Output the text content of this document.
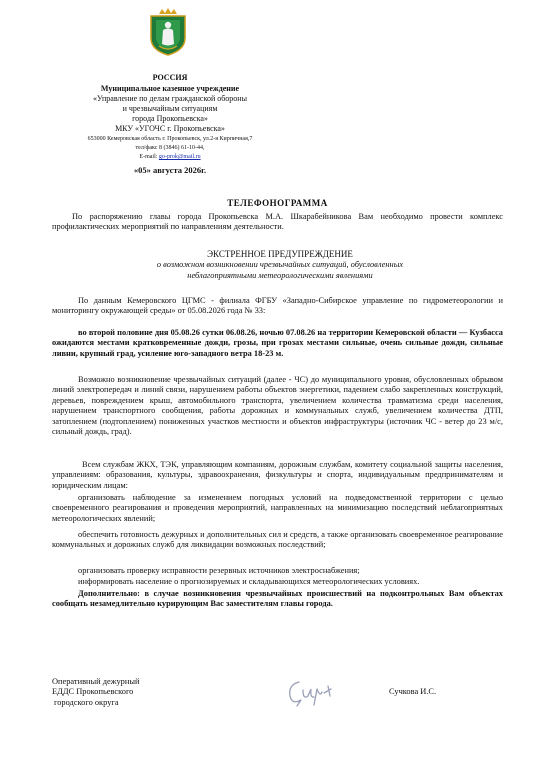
РОССИЯ
Муниципальное казенное учреждение
«Управление по делам гражданской обороны
и чрезвычайным ситуациям
города Прокопьевска»
МКУ «УГОЧС г. Прокопьевска»
653000 Кемеровская область г. Прокопьевск, ул.2-я Кирпичная,7
тел/факс 8 (3846) 61-10-44,
E-mail: go-prok@mail.ru
«05» августа 2026г.
ТЕЛЕФОНОГРАММА
По распоряжению главы города Прокопьевска М.А. Шкарабейникова Вам необходимо провести комплекс профилактических мероприятий по направлениям деятельности.
ЭКСТРЕННОЕ ПРЕДУПРЕЖДЕНИЕ
о возможном возникновении чрезвычайных ситуаций, обусловленных
неблагоприятными метеорологическими явлениями
По данным Кемеровского ЦГМС - филиала ФГБУ «Западно-Сибирское управление по гидрометеорологии и мониторингу окружающей среды» от 05.08.2026 года № 33:
во второй половине дня 05.08.26 сутки 06.08.26, ночью 07.08.26 на территории Кемеровской области — Кузбасса ожидаются местами кратковременные дожди, грозы, при грозах местами сильные, очень сильные дожди, сильные ливни, крупный град, усиление юго-западного ветра 18-23 м.
Возможно возникновение чрезвычайных ситуаций (далее - ЧС) до муниципального уровня, обусловленных обрывом линий электропередач и линий связи, нарушением работы объектов энергетики, падением слабо закрепленных конструкций, деревьев, повреждением крыш, автомобильного транспорта, увеличением количества травматизма среди населения, нарушением транспортного сообщения, работы дорожных и коммунальных служб, увеличением количества ДТП, затоплением (подтоплением) пониженных участков местности и объектов инфраструктуры (источник ЧС - ветер до 23 м/с, сильный дождь, град).
Всем службам ЖКХ, ТЭК, управляющим компаниям, дорожным службам, комитету социальной защиты населения, управлениям: образования, культуры, здравоохранения, физкультуры и спорта, индивидуальным предпринимателям и юридическим лицам:
организовать наблюдение за изменением погодных условий на подведомственной территории с целью своевременного реагирования и проведения мероприятий, направленных на минимизацию последствий неблагоприятных метеорологических явлений;
обеспечить готовность дежурных и дополнительных сил и средств, а также организовать своевременное реагирование коммунальных и дорожных служб для ликвидации возможных последствий;
организовать проверку исправности резервных источников электроснабжения;
информировать население о прогнозируемых и складывающихся метеорологических условиях.
Дополнительно: в случае возникновения чрезвычайных происшествий на подконтрольных Вам объектах сообщать незамедлительно курирующим Вас заместителям главы города.
Оперативный дежурный
ЕДДС Прокопьевского
городского округа
Сучкова И.С.
